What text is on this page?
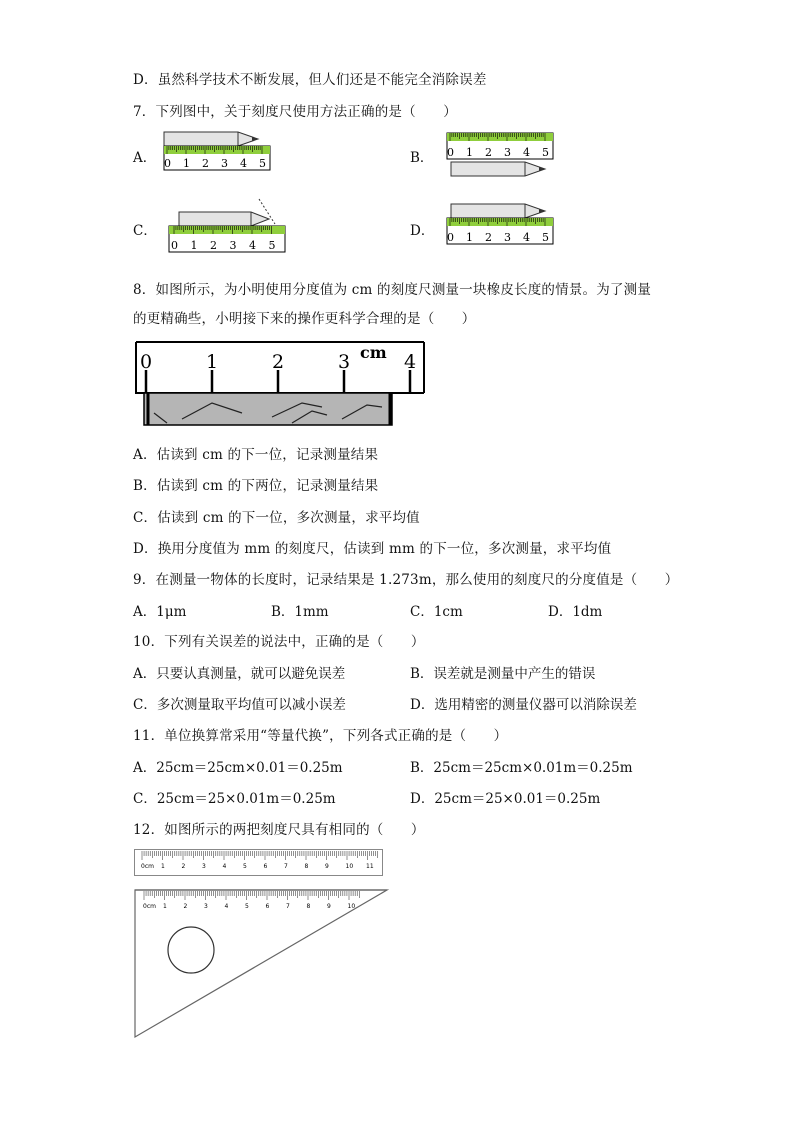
D．虽然科学技术不断发展，但人们还是不能完全消除误差
7．下列图中，关于刻度尺使用方法正确的是（　　）
A．	B．
C．	D．
0 1 2 3 4 5
0 1 2 3 4 5
0 1 2 3 4 5
0 1 2 3 4 5
8．如图所示，为小明使用分度值为 cm 的刻度尺测量一块橡皮长度的情景。为了测量
的更精确些，小明接下来的操作更科学合理的是（　　）
0	1	2	3	4
cm
A．估读到 cm 的下一位，记录测量结果
B．估读到 cm 的下两位，记录测量结果
C．估读到 cm 的下一位，多次测量，求平均值
D．换用分度值为 mm 的刻度尺，估读到 mm 的下一位，多次测量，求平均值
9．在测量一物体的长度时，记录结果是 1.273m，那么使用的刻度尺的分度值是（　　）
A．1μm	B．1mm	C．1cm	D．1dm
10．下列有关误差的说法中，正确的是（　　）
A．只要认真测量，就可以避免误差	B．误差就是测量中产生的错误
C．多次测量取平均值可以减小误差	D．选用精密的测量仪器可以消除误差
11．单位换算常采用“等量代换”，下列各式正确的是（　　）
A．25cm＝25cm×0.01＝0.25m	B．25cm＝25cm×0.01m＝0.25m
C．25cm＝25×0.01m＝0.25m	D．25cm＝25×0.01＝0.25m
12．如图所示的两把刻度尺具有相同的（　　）
0cm 1	2	3	4	5	6	7	8	9	10 11
0cm 1	2	3	4	5	6	7	8	9	10
